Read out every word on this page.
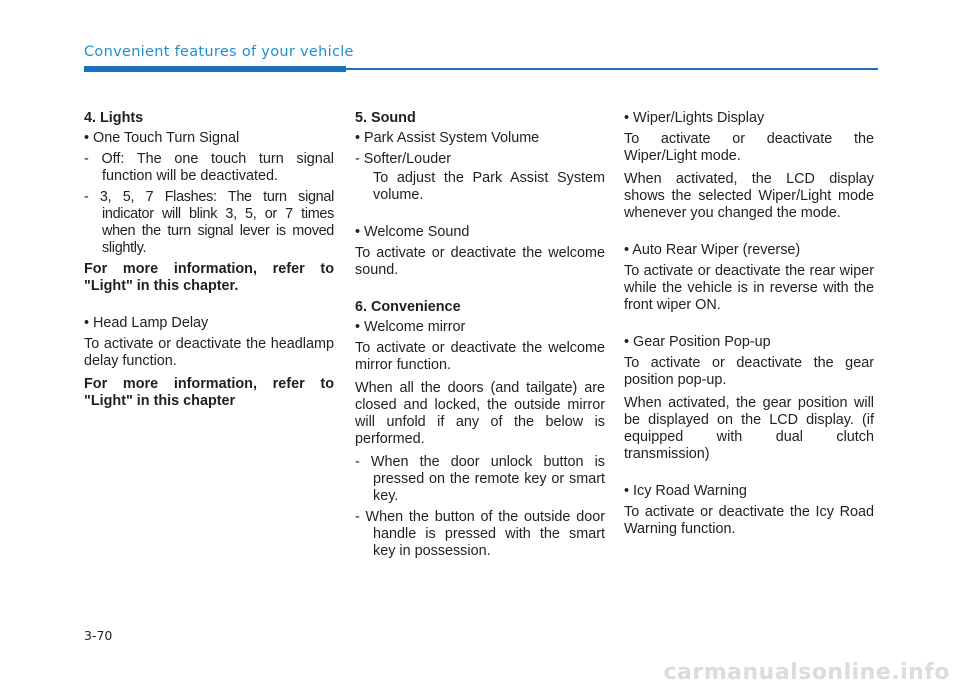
Convenient features of your vehicle

4. Lights

• One Touch Turn Signal

- Off: The one touch turn signal function will be deactivated.

- 3, 5, 7 Flashes: The turn signal indicator will blink 3, 5, or 7 times when the turn signal lever is moved slightly.

For more information, refer to "Light" in this chapter.

• Head Lamp Delay

To activate or deactivate the headlamp delay function.

For more information, refer to "Light" in this chapter

5. Sound

• Park Assist System Volume

- Softer/Louder

To adjust the Park Assist System volume.

• Welcome Sound

To activate or deactivate the welcome sound.

6. Convenience

• Welcome mirror

To activate or deactivate the welcome mirror function.

When all the doors (and tailgate) are closed and locked, the outside mirror will unfold if any of the below is performed.

- When the door unlock button is pressed on the remote key or smart key.

- When the button of the outside door handle is pressed with the smart key in possession.

• Wiper/Lights Display

To activate or deactivate the Wiper/Light mode.

When activated, the LCD display shows the selected Wiper/Light mode whenever you changed the mode.

• Auto Rear Wiper (reverse)

To activate or deactivate the rear wiper while the vehicle is in reverse with the front wiper ON.

• Gear Position Pop-up

To activate or deactivate the gear position pop-up.

When activated, the gear position will be displayed on the LCD display. (if equipped with dual clutch transmission)

• Icy Road Warning

To activate or deactivate the Icy Road Warning function.

3-70
carmanualsonline.info
